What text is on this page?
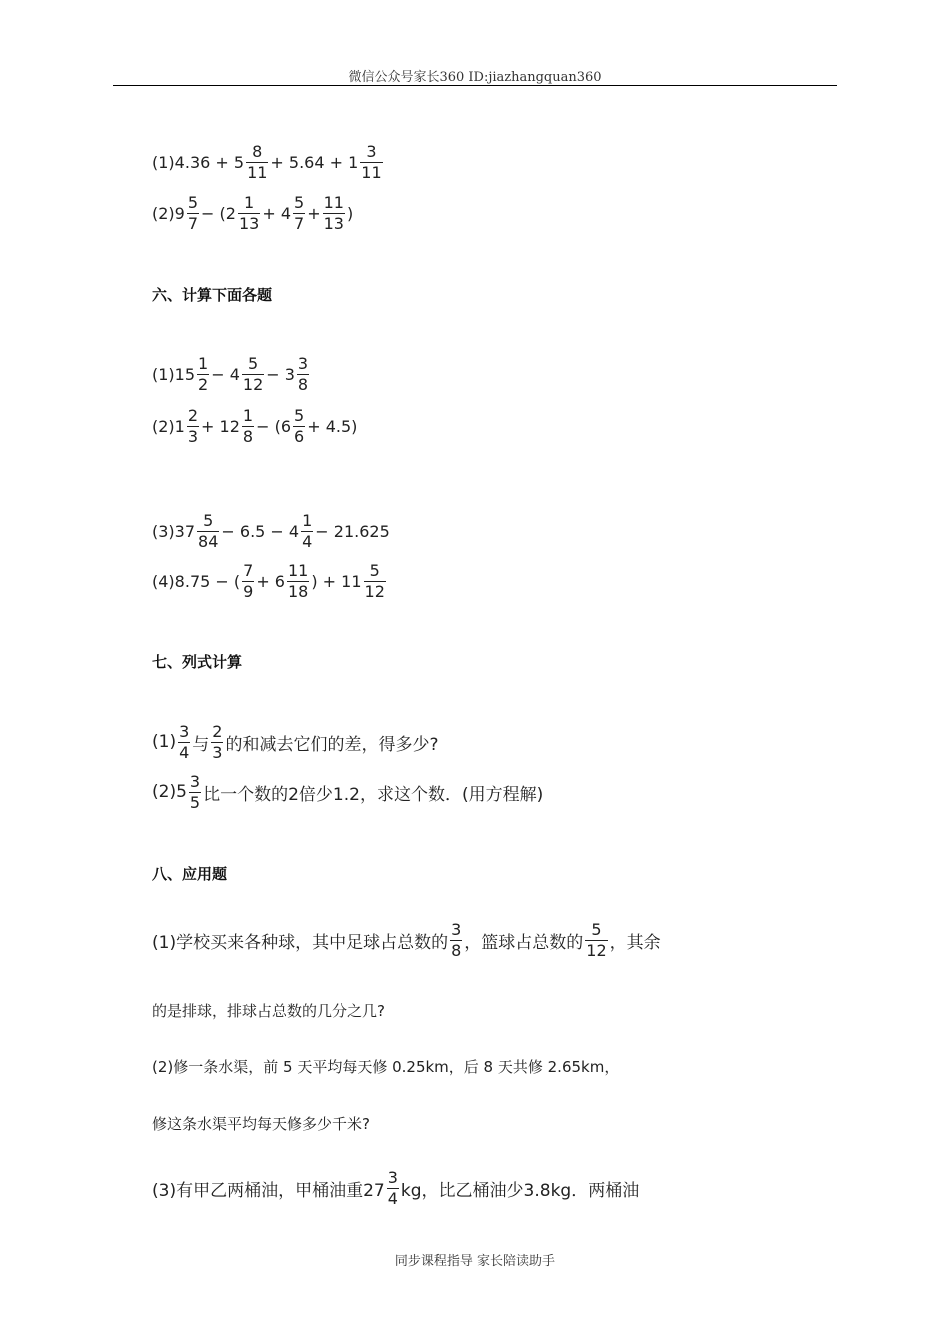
微信公众号家长360 ID:jiazhangquan360
(1) $4.36 + 5 \frac{8}{11} + 5.64 + 1 \frac{3}{11}$
(2) $9 \frac{5}{7} - (2 \frac{1}{13} + 4 \frac{5}{7} + \frac{11}{13}$ )
六、计算下面各题
(1) $15 \frac{1}{2} - 4 \frac{5}{12} - 3 \frac{3}{8}$
(2) $1 \frac{2}{3} + 12 \frac{1}{8} - (6 \frac{5}{6} + 4.5)$
(3) $37 \frac{5}{84} - 6.5 - 4 \frac{1}{4} - 21.625$
(4) 8.75 − ( $\frac{7}{9} + 6 \frac{11}{18}$ ) + $11 \frac{5}{12}$
七、列式计算
$(1) \frac{3}{4}$ 与 $\frac{2}{3}$ 的和减去它们的差，得多少?
(2) $5 \frac{3}{5}$ 比一个数的2倍少1.2，求这个数．(用方程解)
八、应用题
(1)学校买来各种球，其中足球占总数的 $\frac{3}{8}$ ，篮球占总数的 $\frac{5}{12}$ ，其余
的是排球，排球占总数的几分之几?
(2)修一条水渠，前 5 天平均每天修 0.25km，后 8 天共修 2.65km，
修这条水渠平均每天修多少千米?
(3)有甲乙两桶油，甲桶油重$27 \frac{3}{4}$ kg，比乙桶油少3.8kg．两桶油
同步课程指导 家长陪读助手
